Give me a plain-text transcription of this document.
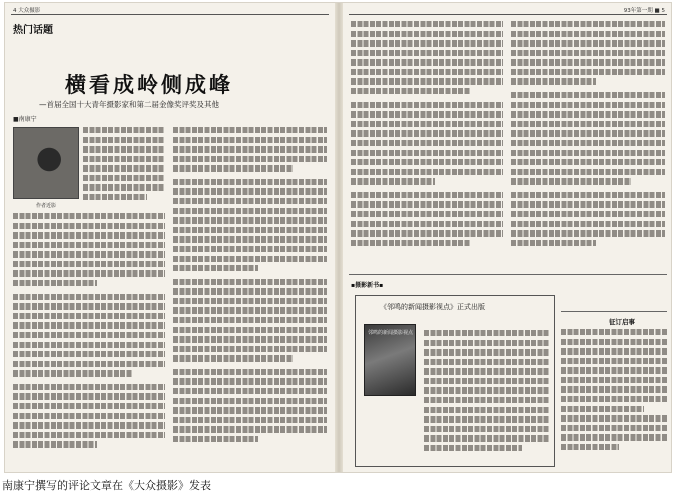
4 大众摄影
热门话题
横看成岭侧成峰
—首届全国十大青年摄影家和第二届金像奖评奖及其他
■南康宁
作者近影
93年第一期 ■ 5
▪摄影新书▪
《邻鸣的新闻摄影视点》正式出版
邻鸣的新闻摄影视点
征订启事
南康宁撰写的评论文章在《大众摄影》发表
